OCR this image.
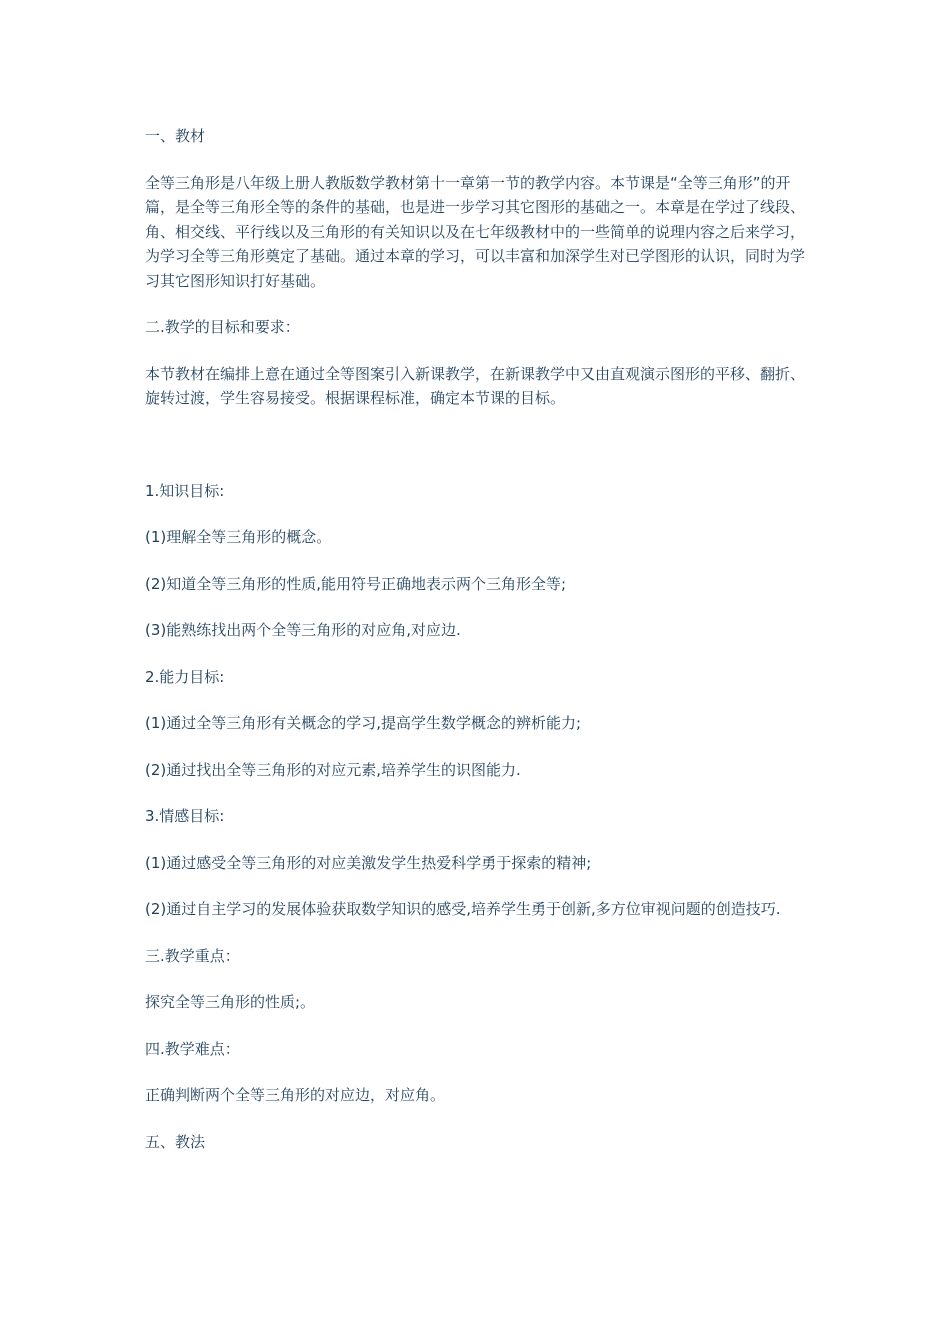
一、教材

全等三角形是八年级上册人教版数学教材第十一章第一节的教学内容。本节课是“全等三角形”的开篇，是全等三角形全等的条件的基础，也是进一步学习其它图形的基础之一。本章是在学过了线段、角、相交线、平行线以及三角形的有关知识以及在七年级教材中的一些简单的说理内容之后来学习，为学习全等三角形奠定了基础。通过本章的学习，可以丰富和加深学生对已学图形的认识，同时为学习其它图形知识打好基础。

二.教学的目标和要求：

本节教材在编排上意在通过全等图案引入新课教学，在新课教学中又由直观演示图形的平移、翻折、旋转过渡，学生容易接受。根据课程标准，确定本节课的目标。

1.知识目标:

(1)理解全等三角形的概念。

(2)知道全等三角形的性质,能用符号正确地表示两个三角形全等;

(3)能熟练找出两个全等三角形的对应角,对应边.

2.能力目标:

(1)通过全等三角形有关概念的学习,提高学生数学概念的辨析能力;

(2)通过找出全等三角形的对应元素,培养学生的识图能力.

3.情感目标:

(1)通过感受全等三角形的对应美激发学生热爱科学勇于探索的精神;

(2)通过自主学习的发展体验获取数学知识的感受,培养学生勇于创新,多方位审视问题的创造技巧.

三.教学重点：

探究全等三角形的性质;。

四.教学难点：

正确判断两个全等三角形的对应边，对应角。

五、教法
